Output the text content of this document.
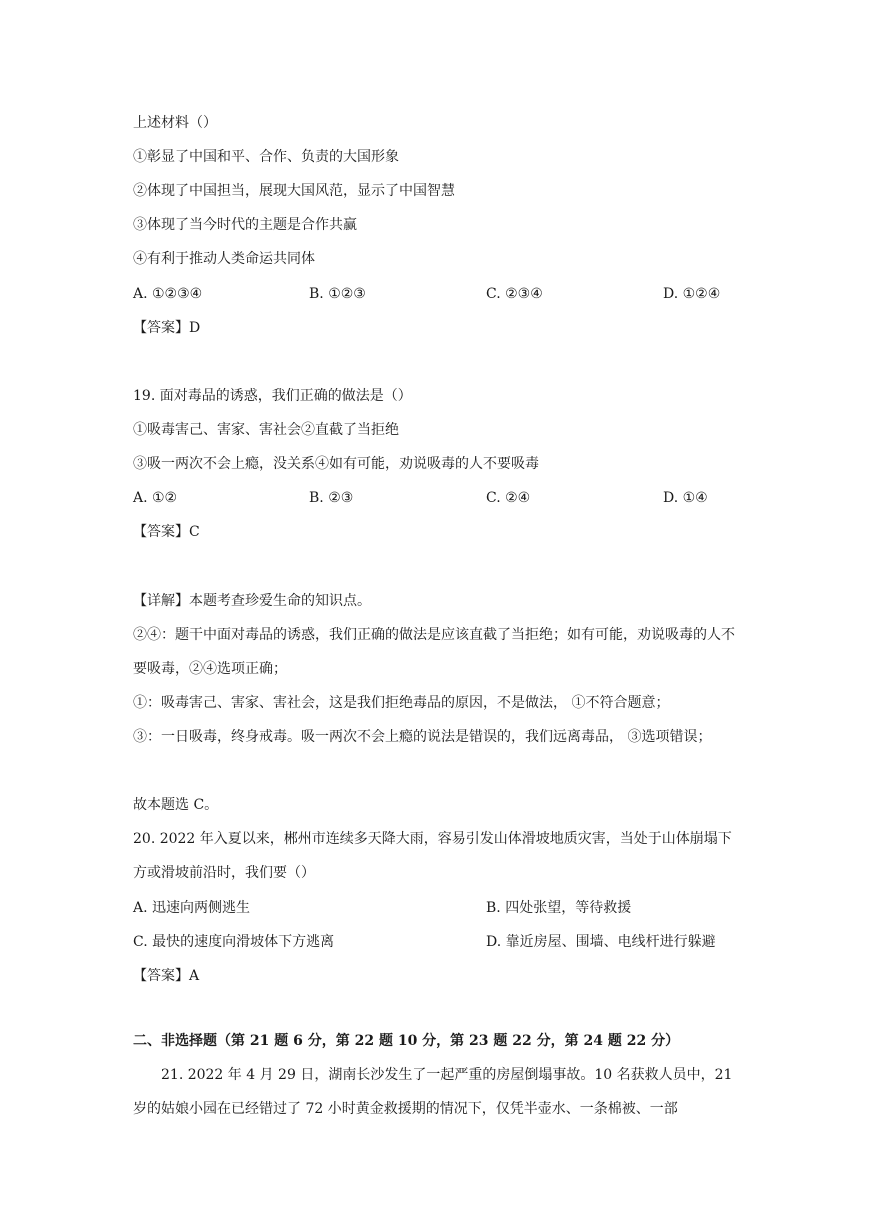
上述材料（）
①彰显了中国和平、合作、负责的大国形象
②体现了中国担当，展现大国风范，显示了中国智慧
③体现了当今时代的主题是合作共赢
④有利于推动人类命运共同体
A. ①②③④	B. ①②③	C. ②③④	D. ①②④
【答案】D
19. 面对毒品的诱惑，我们正确的做法是（）
①吸毒害己、害家、害社会②直截了当拒绝
③吸一两次不会上瘾，没关系④如有可能，劝说吸毒的人不要吸毒
A. ①②	B. ②③	C. ②④	D. ①④
【答案】C
【详解】本题考查珍爱生命的知识点。
②④：题干中面对毒品的诱惑，我们正确的做法是应该直截了当拒绝；如有可能，劝说吸毒的人不要吸毒，②④选项正确；
①：吸毒害己、害家、害社会，这是我们拒绝毒品的原因，不是做法， ①不符合题意；
③：一日吸毒，终身戒毒。吸一两次不会上瘾的说法是错误的，我们远离毒品， ③选项错误；
故本题选 C。
20. 2022 年入夏以来，郴州市连续多天降大雨，容易引发山体滑坡地质灾害，当处于山体崩塌下方或滑坡前沿时，我们要（）
A. 迅速向两侧逃生	B. 四处张望，等待救援
C. 最快的速度向滑坡体下方逃离	D. 靠近房屋、围墙、电线杆进行躲避
【答案】A
二、非选择题（第 21 题 6 分，第 22 题 10 分，第 23 题 22 分，第 24 题 22 分）
21. 2022 年 4 月 29 日，湖南长沙发生了一起严重的房屋倒塌事故。10 名获救人员中，21 岁的姑娘小园在已经错过了 72 小时黄金救援期的情况下，仅凭半壶水、一条棉被、一部
